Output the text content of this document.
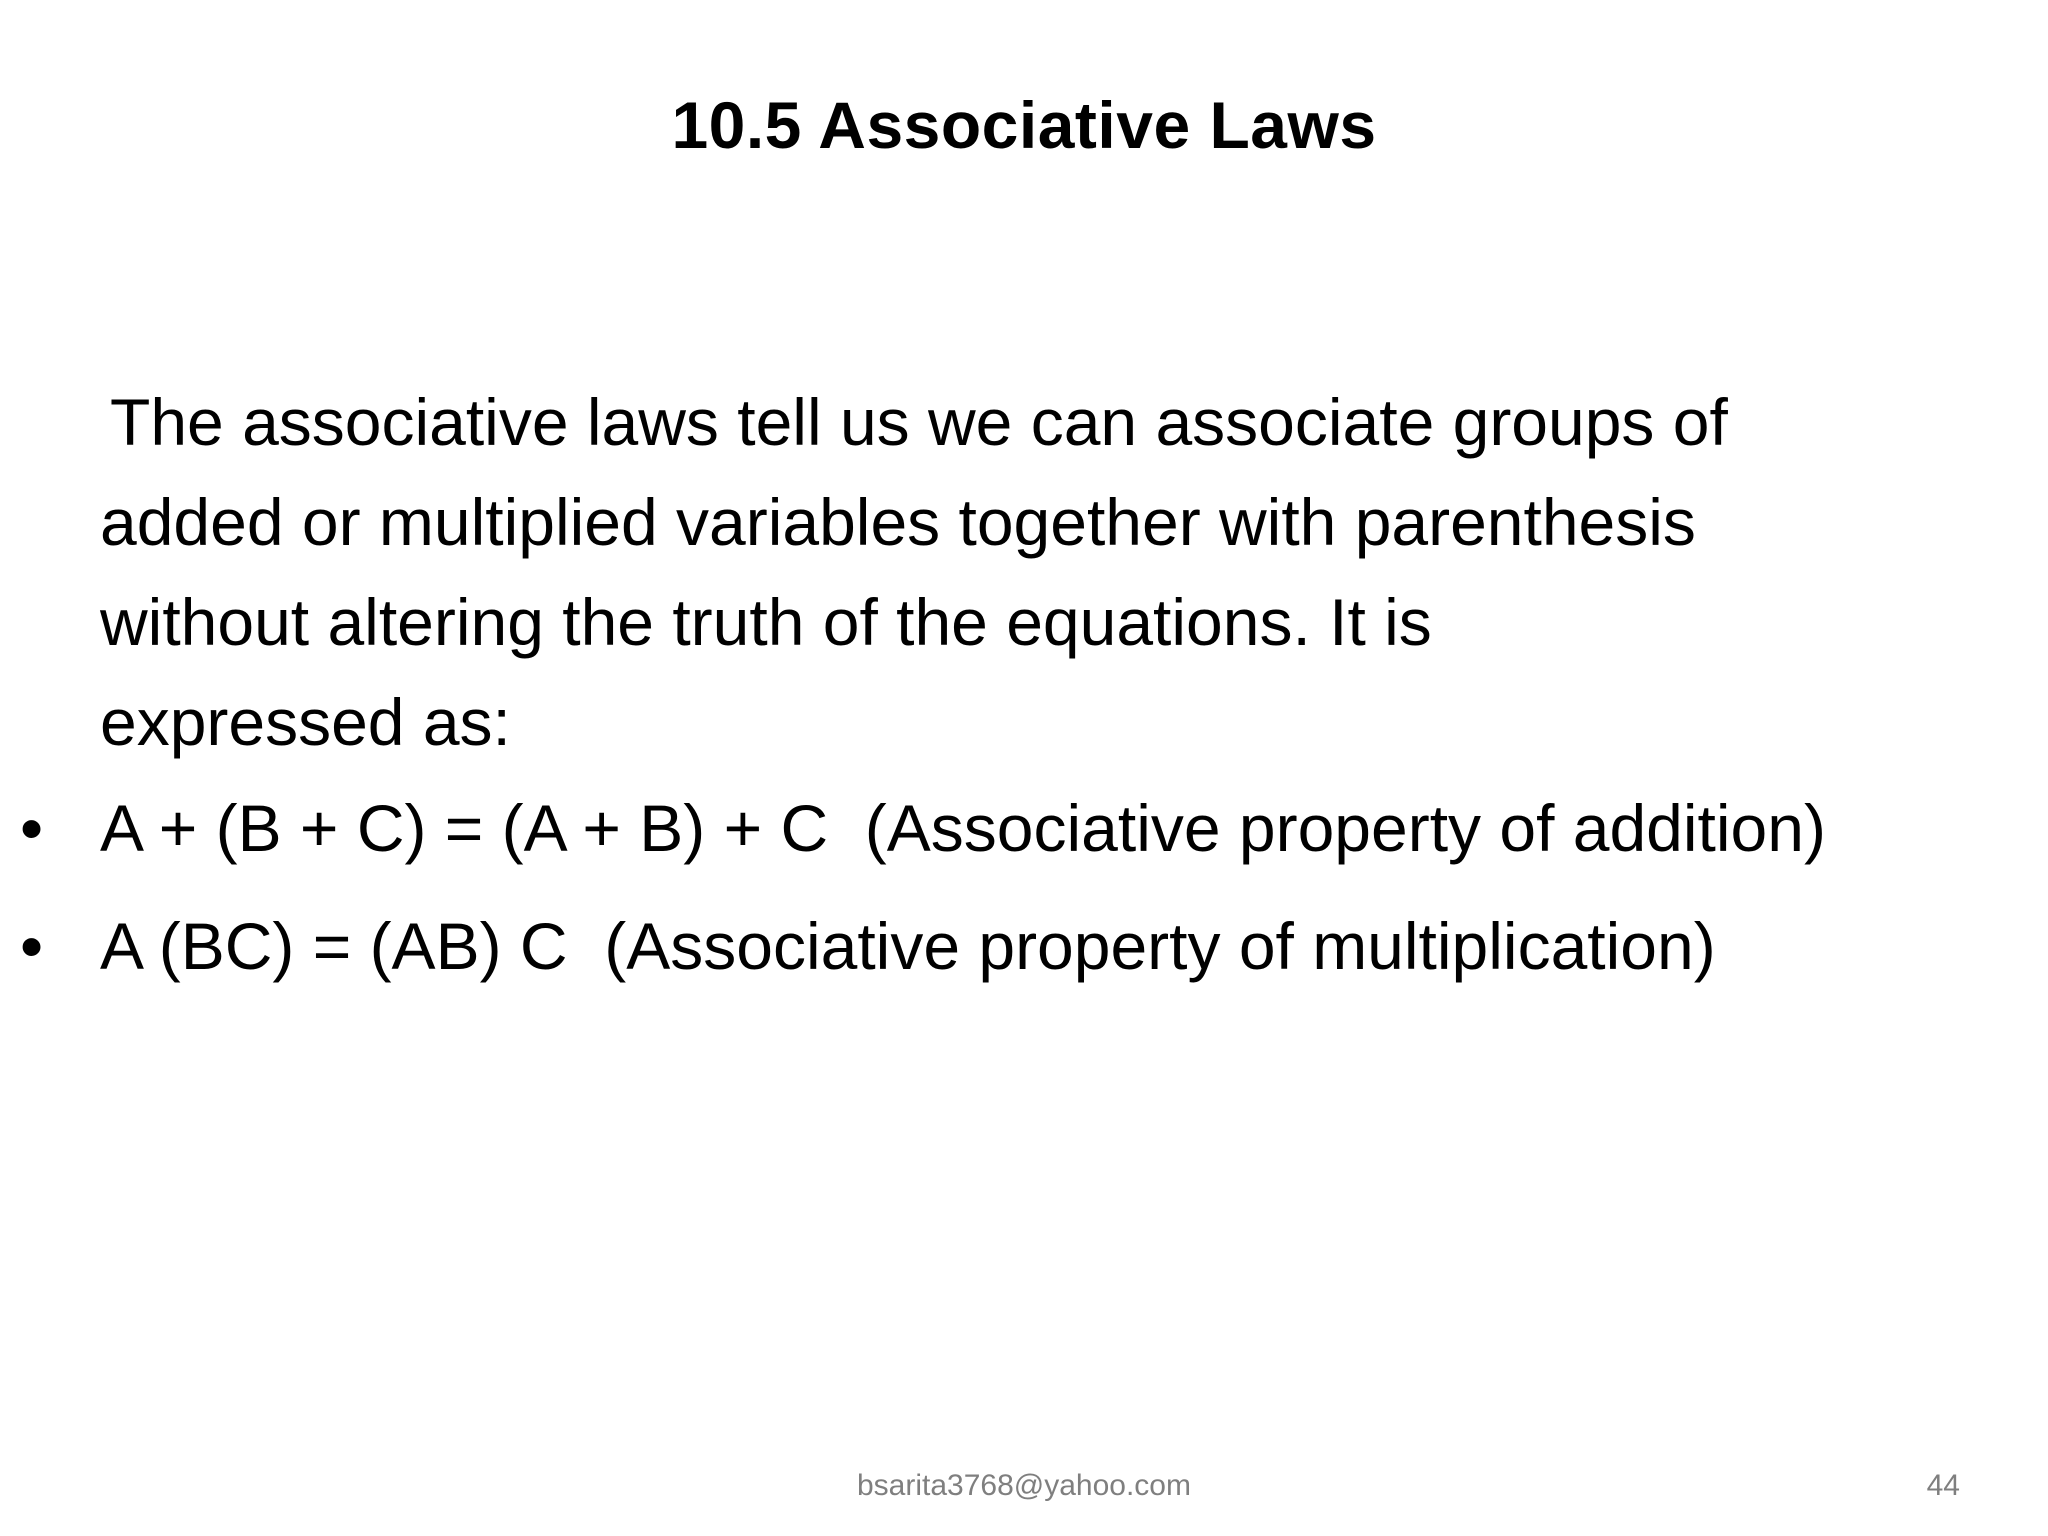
10.5 Associative Laws
The associative laws tell us we can associate groups of
added or multiplied variables together with parenthesis
without altering the truth of the equations. It is
expressed as:

•

A + (B + C) = (A + B) + C  (Associative property of addition)

•

A (BC) = (AB) C  (Associative property of multiplication)

bsarita3768@yahoo.com	44
